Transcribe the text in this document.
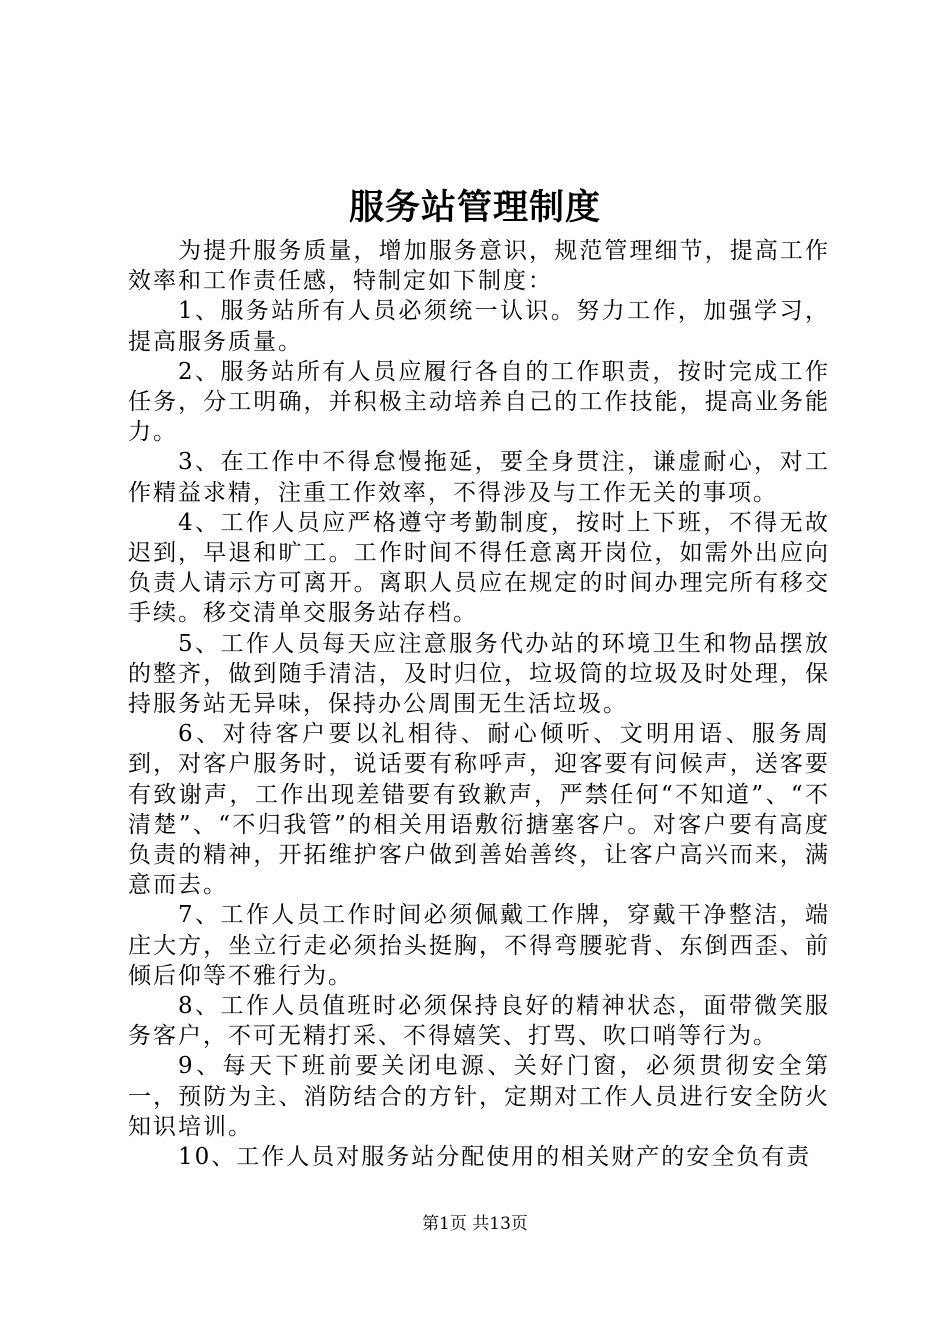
服务站管理制度

为提升服务质量，增加服务意识，规范管理细节，提高工作效率和工作责任感，特制定如下制度：

1、服务站所有人员必须统一认识。努力工作，加强学习，提高服务质量。

2、服务站所有人员应履行各自的工作职责，按时完成工作任务，分工明确，并积极主动培养自己的工作技能，提高业务能力。

3、在工作中不得怠慢拖延，要全身贯注，谦虚耐心，对工作精益求精，注重工作效率，不得涉及与工作无关的事项。

4、工作人员应严格遵守考勤制度，按时上下班，不得无故迟到，早退和旷工。工作时间不得任意离开岗位，如需外出应向负责人请示方可离开。离职人员应在规定的时间办理完所有移交手续。移交清单交服务站存档。

5、工作人员每天应注意服务代办站的环境卫生和物品摆放的整齐，做到随手清洁，及时归位，垃圾筒的垃圾及时处理，保持服务站无异味，保持办公周围无生活垃圾。

6、对待客户要以礼相待、耐心倾听、文明用语、服务周到，对客户服务时，说话要有称呼声，迎客要有问候声，送客要有致谢声，工作出现差错要有致歉声，严禁任何“不知道”、“不清楚”、“不归我管”的相关用语敷衍搪塞客户。对客户要有高度负责的精神，开拓维护客户做到善始善终，让客户高兴而来，满意而去。

7、工作人员工作时间必须佩戴工作牌，穿戴干净整洁，端庄大方，坐立行走必须抬头挺胸，不得弯腰驼背、东倒西歪、前倾后仰等不雅行为。

8、工作人员值班时必须保持良好的精神状态，面带微笑服务客户，不可无精打采、不得嬉笑、打骂、吹口哨等行为。

9、每天下班前要关闭电源、关好门窗，必须贯彻安全第一，预防为主、消防结合的方针，定期对工作人员进行安全防火知识培训。

10、工作人员对服务站分配使用的相关财产的安全负有责

第1页 共13页
